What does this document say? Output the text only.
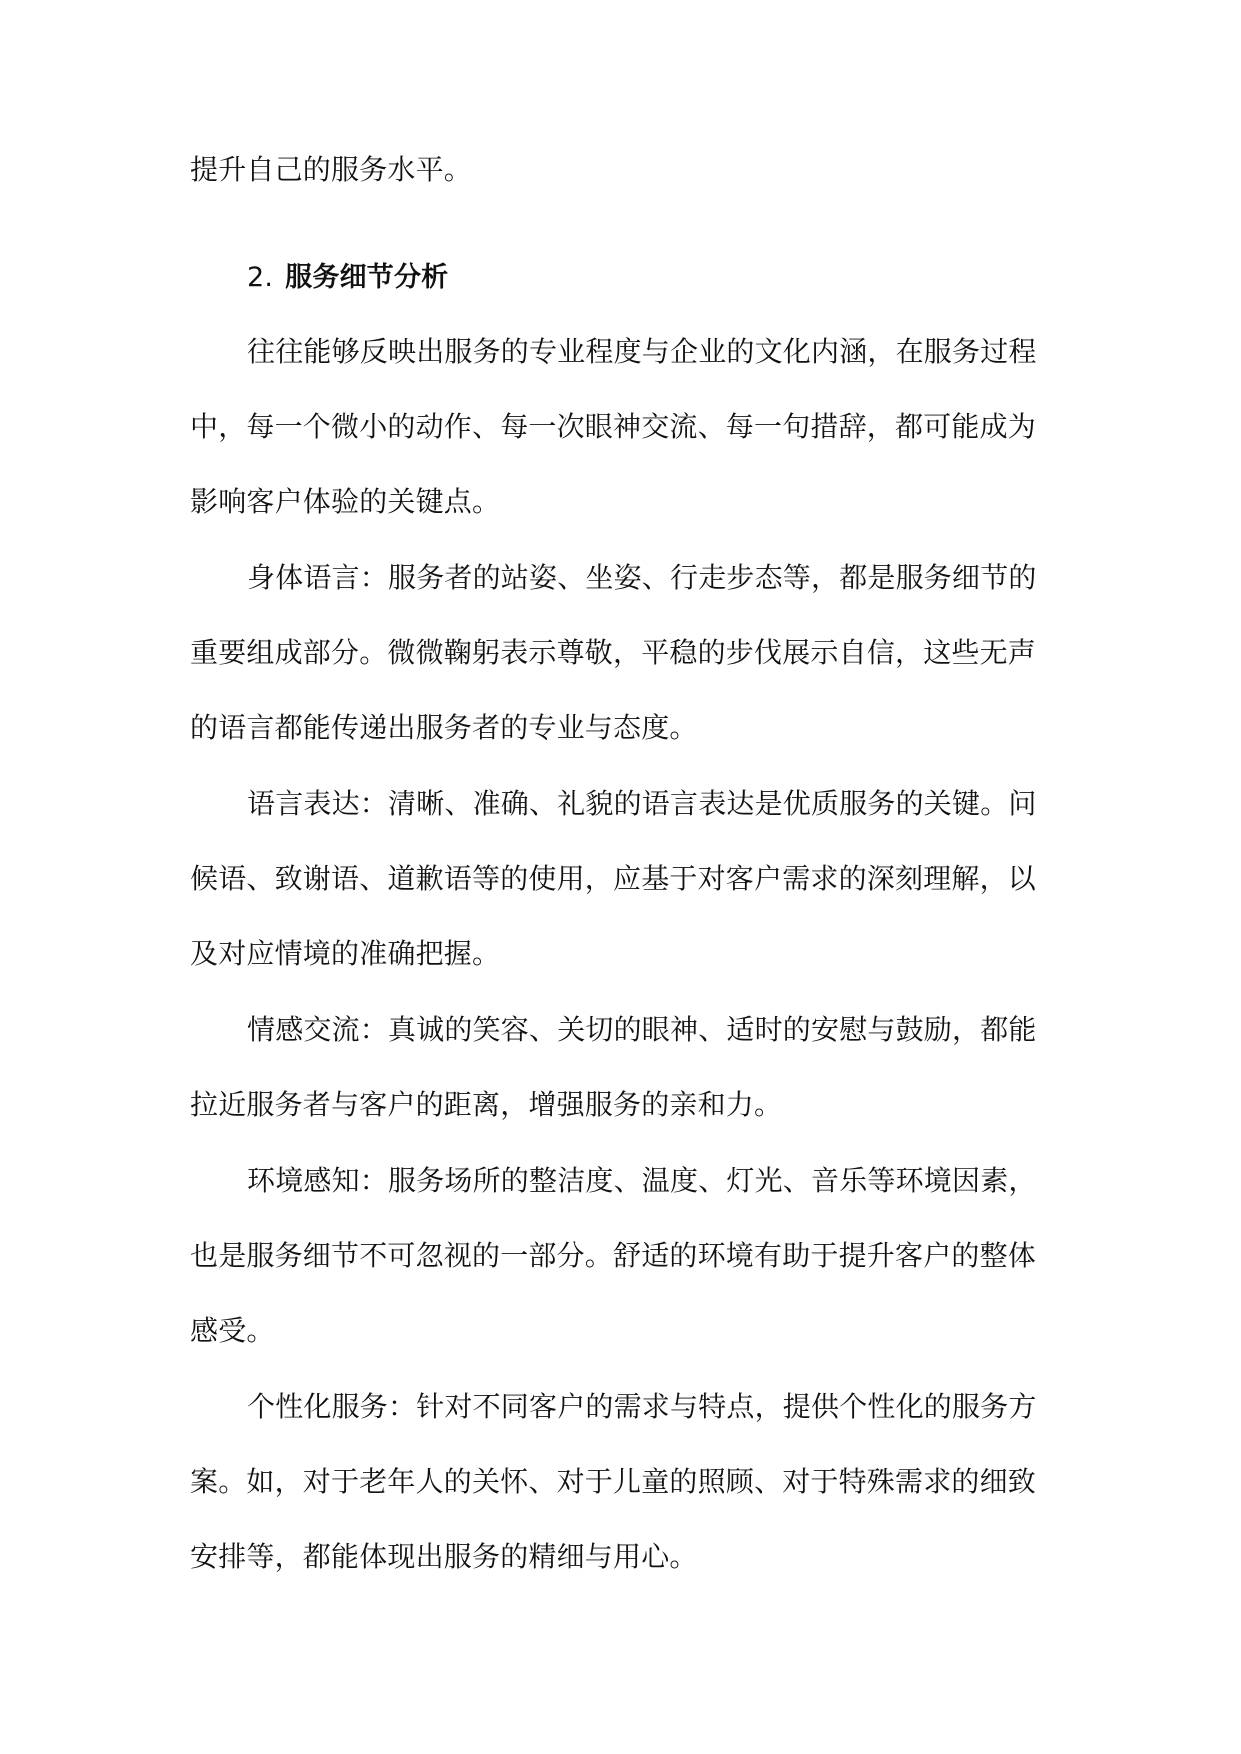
提升自己的服务水平。
2. 服务细节分析
往往能够反映出服务的专业程度与企业的文化内涵，在服务过程
中，每一个微小的动作、每一次眼神交流、每一句措辞，都可能成为
影响客户体验的关键点。
身体语言：服务者的站姿、坐姿、行走步态等，都是服务细节的
重要组成部分。微微鞠躬表示尊敬，平稳的步伐展示自信，这些无声
的语言都能传递出服务者的专业与态度。
语言表达：清晰、准确、礼貌的语言表达是优质服务的关键。问
候语、致谢语、道歉语等的使用，应基于对客户需求的深刻理解，以
及对应情境的准确把握。
情感交流：真诚的笑容、关切的眼神、适时的安慰与鼓励，都能
拉近服务者与客户的距离，增强服务的亲和力。
环境感知：服务场所的整洁度、温度、灯光、音乐等环境因素，
也是服务细节不可忽视的一部分。舒适的环境有助于提升客户的整体
感受。
个性化服务：针对不同客户的需求与特点，提供个性化的服务方
案。如，对于老年人的关怀、对于儿童的照顾、对于特殊需求的细致
安排等，都能体现出服务的精细与用心。
